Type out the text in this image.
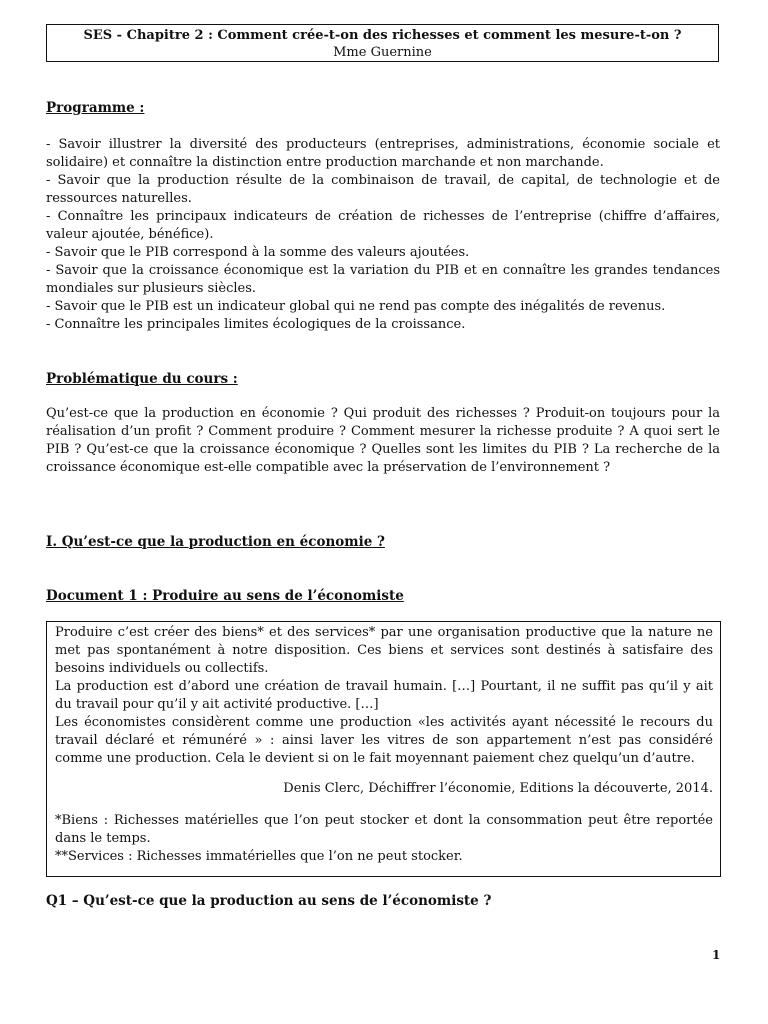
SES - Chapitre 2 : Comment crée-t-on des richesses et comment les mesure-t-on ?
Mme Guernine
Programme :

- Savoir illustrer la diversité des producteurs (entreprises, administrations, économie sociale et solidaire) et connaître la distinction entre production marchande et non marchande.

- Savoir que la production résulte de la combinaison de travail, de capital, de technologie et de ressources naturelles.

- Connaître les principaux indicateurs de création de richesses de l’entreprise (chiffre d’affaires, valeur ajoutée, bénéfice).

- Savoir que le PIB correspond à la somme des valeurs ajoutées.

- Savoir que la croissance économique est la variation du PIB et en connaître les grandes tendances mondiales sur plusieurs siècles.

- Savoir que le PIB est un indicateur global qui ne rend pas compte des inégalités de revenus.

- Connaître les principales limites écologiques de la croissance.

Problématique du cours :

Qu’est-ce que la production en économie ? Qui produit des richesses ? Produit-on toujours pour la réalisation d’un profit ? Comment produire ? Comment mesurer la richesse produite ? A quoi sert le PIB ? Qu’est-ce que la croissance économique ? Quelles sont les limites du PIB ? La recherche de la croissance économique est-elle compatible avec la préservation de l’environnement ?

I. Qu’est-ce que la production en économie ?
Document 1 : Produire au sens de l’économiste

Produire c’est créer des biens* et des services* par une organisation productive que la nature ne met pas spontanément à notre disposition. Ces biens et services sont destinés à satisfaire des besoins individuels ou collectifs.

La production est d’abord une création de travail humain. […] Pourtant, il ne suffit pas qu’il y ait du travail pour qu’il y ait activité productive. […]

Les économistes considèrent comme une production «les activités ayant nécessité le recours du travail déclaré et rémunéré » : ainsi laver les vitres de son appartement n’est pas considéré comme une production. Cela le devient si on le fait moyennant paiement chez quelqu’un d’autre.

Denis Clerc, Déchiffrer l’économie, Editions la découverte, 2014.

*Biens : Richesses matérielles que l’on peut stocker et dont la consommation peut être reportée dans le temps.

**Services : Richesses immatérielles que l’on ne peut stocker.

Q1 – Qu’est-ce que la production au sens de l’économiste ?
1
